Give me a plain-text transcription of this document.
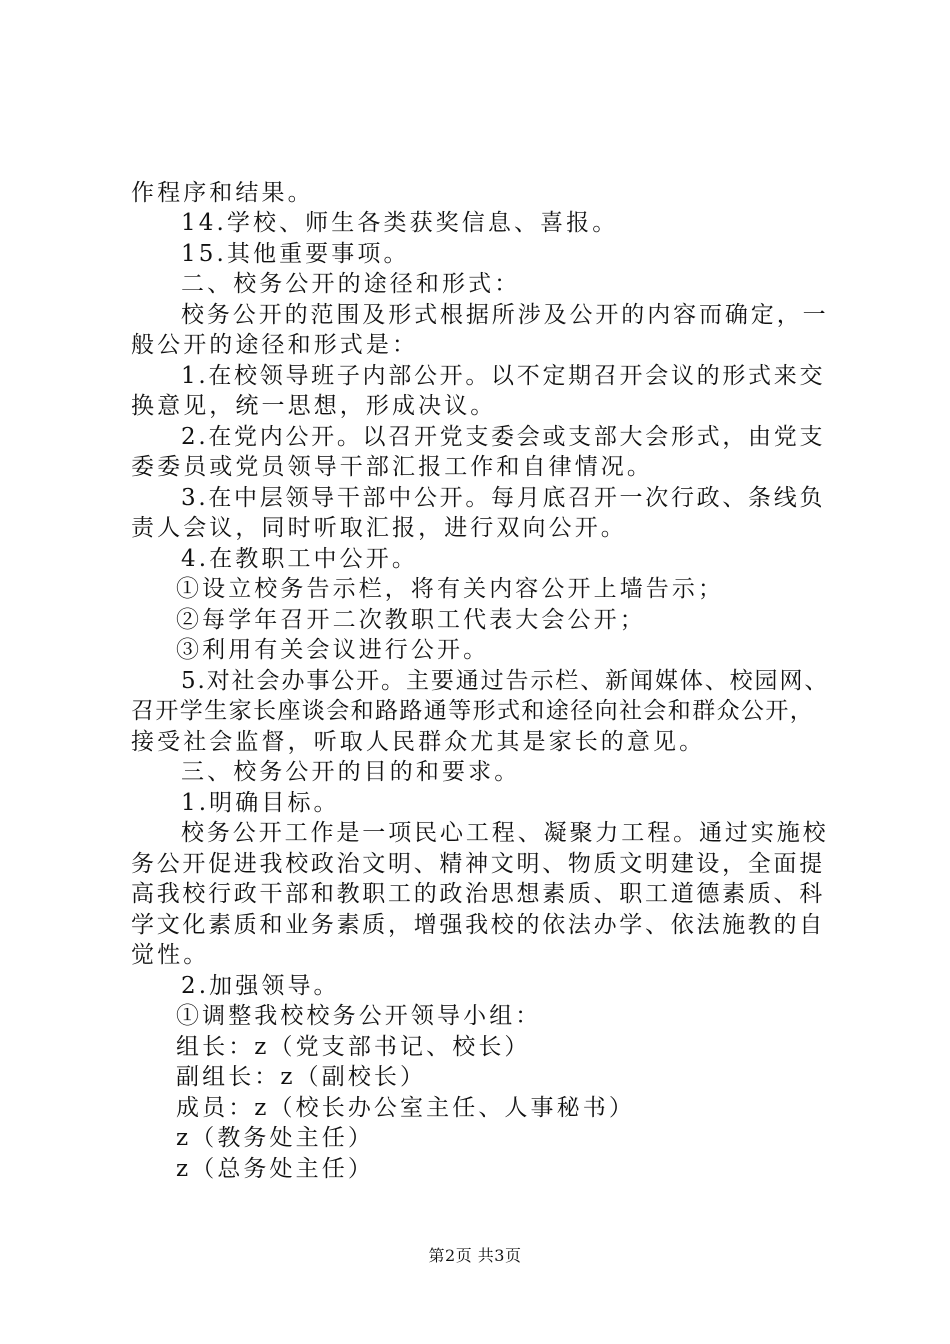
作程序和结果。
14.学校、师生各类获奖信息、喜报。
15.其他重要事项。
二、校务公开的途径和形式：
校务公开的范围及形式根据所涉及公开的内容而确定，一
般公开的途径和形式是：
1.在校领导班子内部公开。以不定期召开会议的形式来交
换意见，统一思想，形成决议。
2.在党内公开。以召开党支委会或支部大会形式，由党支
委委员或党员领导干部汇报工作和自律情况。
3.在中层领导干部中公开。每月底召开一次行政、条线负
责人会议，同时听取汇报，进行双向公开。
4.在教职工中公开。
①设立校务告示栏，将有关内容公开上墙告示；
②每学年召开二次教职工代表大会公开；
③利用有关会议进行公开。
5.对社会办事公开。主要通过告示栏、新闻媒体、校园网、
召开学生家长座谈会和路路通等形式和途径向社会和群众公开，
接受社会监督，听取人民群众尤其是家长的意见。
三、校务公开的目的和要求。
1.明确目标。
校务公开工作是一项民心工程、凝聚力工程。通过实施校
务公开促进我校政治文明、精神文明、物质文明建设，全面提
高我校行政干部和教职工的政治思想素质、职工道德素质、科
学文化素质和业务素质，增强我校的依法办学、依法施教的自
觉性。
2.加强领导。
①调整我校校务公开领导小组：
组长：z（党支部书记、校长）
副组长：z（副校长）
成员：z（校长办公室主任、人事秘书）
z（教务处主任）
z（总务处主任）
第2页 共3页
